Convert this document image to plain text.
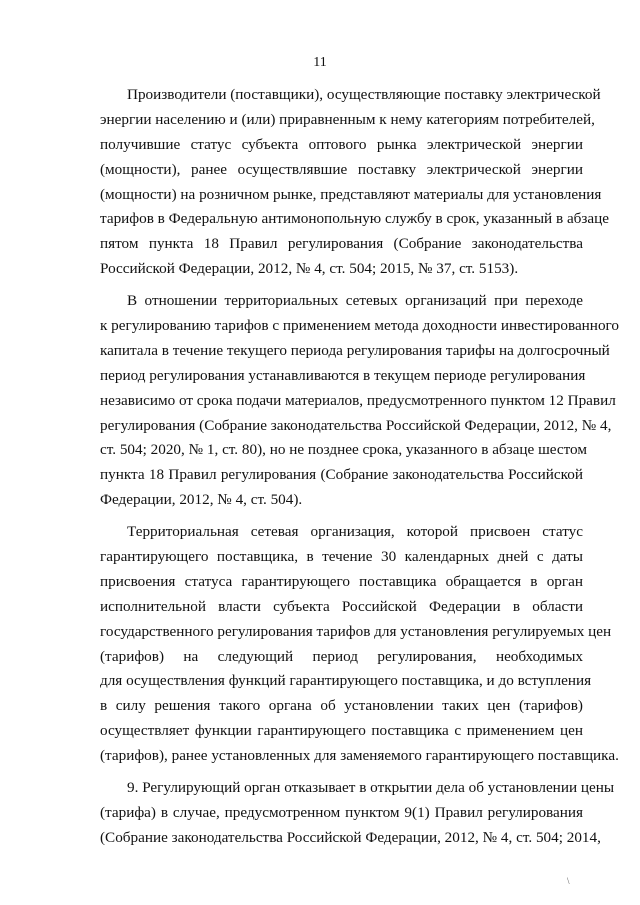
11
Производители (поставщики), осуществляющие поставку электрической
энергии населению и (или) приравненным к нему категориям потребителей,
получившие статус субъекта оптового рынка электрической энергии
(мощности), ранее осуществлявшие поставку электрической энергии
(мощности) на розничном рынке, представляют материалы для установления
тарифов в Федеральную антимонопольную службу в срок, указанный в абзаце
пятом пункта 18 Правил регулирования (Собрание законодательства
Российской Федерации, 2012, № 4, ст. 504; 2015, № 37, ст. 5153).
В отношении территориальных сетевых организаций при переходе
к регулированию тарифов с применением метода доходности инвестированного
капитала в течение текущего периода регулирования тарифы на долгосрочный
период регулирования устанавливаются в текущем периоде регулирования
независимо от срока подачи материалов, предусмотренного пунктом 12 Правил
регулирования (Собрание законодательства Российской Федерации, 2012, № 4,
ст. 504; 2020, № 1, ст. 80), но не позднее срока, указанного в абзаце шестом
пункта 18 Правил регулирования (Собрание законодательства Российской
Федерации, 2012, № 4, ст. 504).
Территориальная сетевая организация, которой присвоен статус
гарантирующего поставщика, в течение 30 календарных дней с даты
присвоения статуса гарантирующего поставщика обращается в орган
исполнительной власти субъекта Российской Федерации в области
государственного регулирования тарифов для установления регулируемых цен
(тарифов) на следующий период регулирования, необходимых
для осуществления функций гарантирующего поставщика, и до вступления
в силу решения такого органа об установлении таких цен (тарифов)
осуществляет функции гарантирующего поставщика с применением цен
(тарифов), ранее установленных для заменяемого гарантирующего поставщика.
9. Регулирующий орган отказывает в открытии дела об установлении цены
(тарифа) в случае, предусмотренном пунктом 9(1) Правил регулирования
(Собрание законодательства Российской Федерации, 2012, № 4, ст. 504; 2014,
\
